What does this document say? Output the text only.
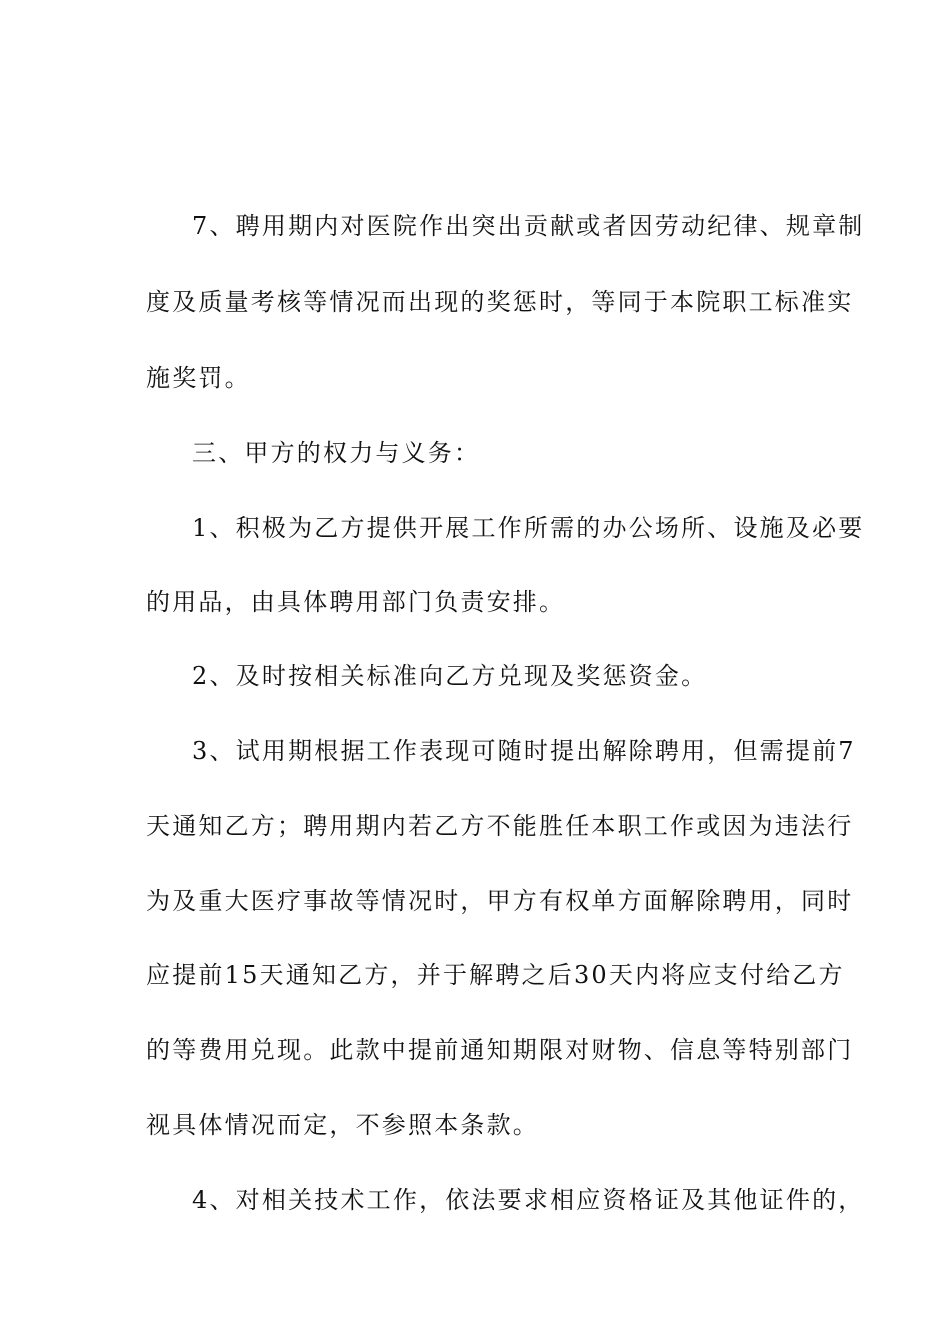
7、聘用期内对医院作出突出贡献或者因劳动纪律、规章制
度及质量考核等情况而出现的奖惩时，等同于本院职工标准实
施奖罚。
三、甲方的权力与义务：
1、积极为乙方提供开展工作所需的办公场所、设施及必要
的用品，由具体聘用部门负责安排。
2、及时按相关标准向乙方兑现及奖惩资金。
3、试用期根据工作表现可随时提出解除聘用，但需提前7
天通知乙方；聘用期内若乙方不能胜任本职工作或因为违法行
为及重大医疗事故等情况时，甲方有权单方面解除聘用，同时
应提前15天通知乙方，并于解聘之后30天内将应支付给乙方
的等费用兑现。此款中提前通知期限对财物、信息等特别部门
视具体情况而定，不参照本条款。
4、对相关技术工作，依法要求相应资格证及其他证件的，
